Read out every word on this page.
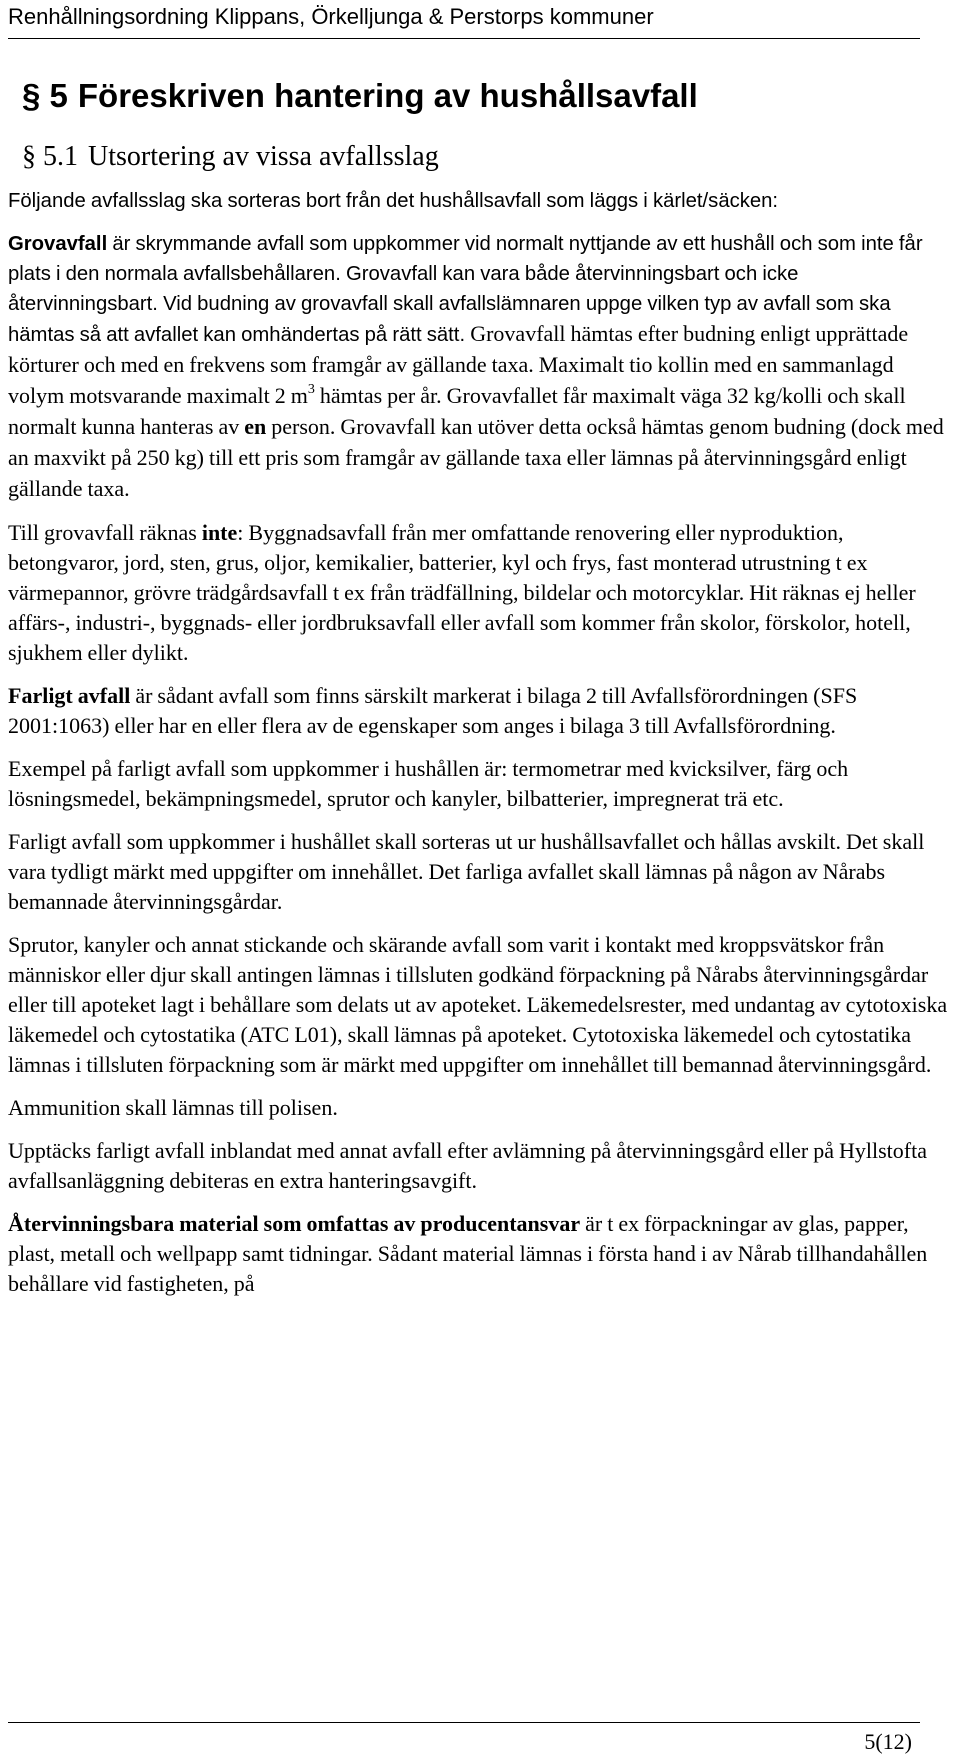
Renhållningsordning Klippans, Örkelljunga & Perstorps kommuner
§ 5 Föreskriven hantering av hushållsavfall
§ 5.1 Utsortering av vissa avfallsslag

Följande avfallsslag ska sorteras bort från det hushållsavfall som läggs i kärlet/säcken:

Grovavfall är skrymmande avfall som uppkommer vid normalt nyttjande av ett hushåll och som inte får plats i den normala avfallsbehållaren. Grovavfall kan vara både återvinningsbart och icke återvinningsbart. Vid budning av grovavfall skall avfallslämnaren uppge vilken typ av avfall som ska hämtas så att avfallet kan omhändertas på rätt sätt. Grovavfall hämtas efter budning enligt upprättade körturer och med en frekvens som framgår av gällande taxa. Maximalt tio kollin med en sammanlagd volym motsvarande maximalt 2 $m^3$ hämtas per år. Grovavfallet får maximalt väga 32 kg/kolli och skall normalt kunna hanteras av en person. Grovavfall kan utöver detta också hämtas genom budning (dock med an maxvikt på 250 kg) till ett pris som framgår av gällande taxa eller lämnas på återvinningsgård enligt gällande taxa.

Till grovavfall räknas inte: Byggnadsavfall från mer omfattande renovering eller nyproduktion, betongvaror, jord, sten, grus, oljor, kemikalier, batterier, kyl och frys, fast monterad utrustning t ex värmepannor, grövre trädgårdsavfall t ex från trädfällning, bildelar och motorcyklar. Hit räknas ej heller affärs-, industri-, byggnads- eller jordbruksavfall eller avfall som kommer från skolor, förskolor, hotell, sjukhem eller dylikt.

Farligt avfall är sådant avfall som finns särskilt markerat i bilaga 2 till Avfallsförordningen (SFS 2001:1063) eller har en eller flera av de egenskaper som anges i bilaga 3 till Avfallsförordning.

Exempel på farligt avfall som uppkommer i hushållen är: termometrar med kvicksilver, färg och lösningsmedel, bekämpningsmedel, sprutor och kanyler, bilbatterier, impregnerat trä etc.

Farligt avfall som uppkommer i hushållet skall sorteras ut ur hushållsavfallet och hållas avskilt. Det skall vara tydligt märkt med uppgifter om innehållet. Det farliga avfallet skall lämnas på någon av Nårabs bemannade återvinningsgårdar.

Sprutor, kanyler och annat stickande och skärande avfall som varit i kontakt med kroppsvätskor från människor eller djur skall antingen lämnas i tillsluten godkänd förpackning på Nårabs återvinningsgårdar eller till apoteket lagt i behållare som delats ut av apoteket. Läkemedelsrester, med undantag av cytotoxiska läkemedel och cytostatika (ATC L01), skall lämnas på apoteket. Cytotoxiska läkemedel och cytostatika lämnas i tillsluten förpackning som är märkt med uppgifter om innehållet till bemannad återvinningsgård.

Ammunition skall lämnas till polisen.

Upptäcks farligt avfall inblandat med annat avfall efter avlämning på återvinningsgård eller på Hyllstofta avfallsanläggning debiteras en extra hanteringsavgift.

Återvinningsbara material som omfattas av producentansvar är t ex förpackningar av glas, papper, plast, metall och wellpapp samt tidningar. Sådant material lämnas i första hand i av Nårab tillhandahållen behållare vid fastigheten, på

5(12)
